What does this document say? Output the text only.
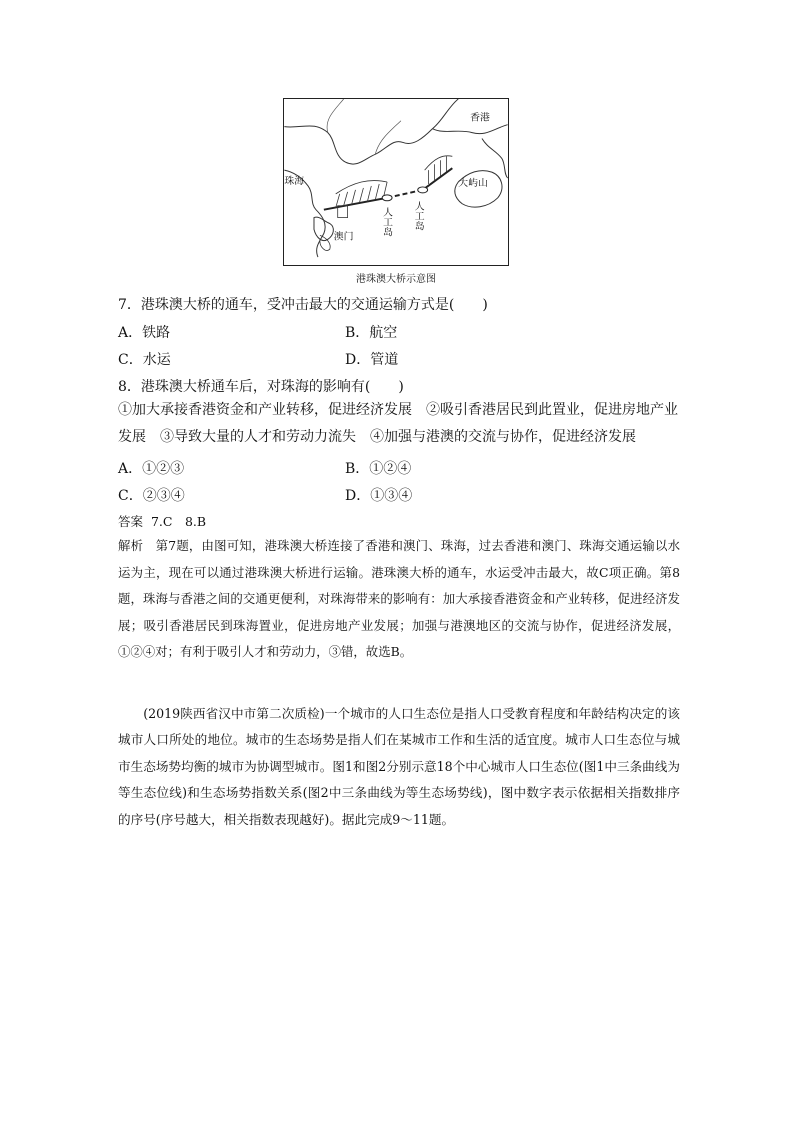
香港
珠海
澳门
大屿山
人工岛
人工岛
港珠澳大桥示意图
7．港珠澳大桥的通车，受冲击最大的交通运输方式是(　　)
A．铁路	B．航空
C．水运	D．管道
8．港珠澳大桥通车后，对珠海的影响有(　　)
①加大承接香港资金和产业转移，促进经济发展　②吸引香港居民到此置业，促进房地产业发展　③导致大量的人才和劳动力流失　④加强与港澳的交流与协作，促进经济发展
A．①②③	B．①②④
C．②③④	D．①③④
答案 7.C　8.B
解析 第7题，由图可知，港珠澳大桥连接了香港和澳门、珠海，过去香港和澳门、珠海交通运输以水运为主，现在可以通过港珠澳大桥进行运输。港珠澳大桥的通车，水运受冲击最大，故C项正确。第8题，珠海与香港之间的交通更便利，对珠海带来的影响有：加大承接香港资金和产业转移，促进经济发展；吸引香港居民到珠海置业，促进房地产业发展；加强与港澳地区的交流与协作，促进经济发展，①②④对；有利于吸引人才和劳动力，③错，故选B。
(2019陕西省汉中市第二次质检)一个城市的人口生态位是指人口受教育程度和年龄结构决定的该城市人口所处的地位。城市的生态场势是指人们在某城市工作和生活的适宜度。城市人口生态位与城市生态场势均衡的城市为协调型城市。图1和图2分别示意18个中心城市人口生态位(图1中三条曲线为等生态位线)和生态场势指数关系(图2中三条曲线为等生态场势线)，图中数字表示依据相关指数排序的序号(序号越大，相关指数表现越好)。据此完成9～11题。
